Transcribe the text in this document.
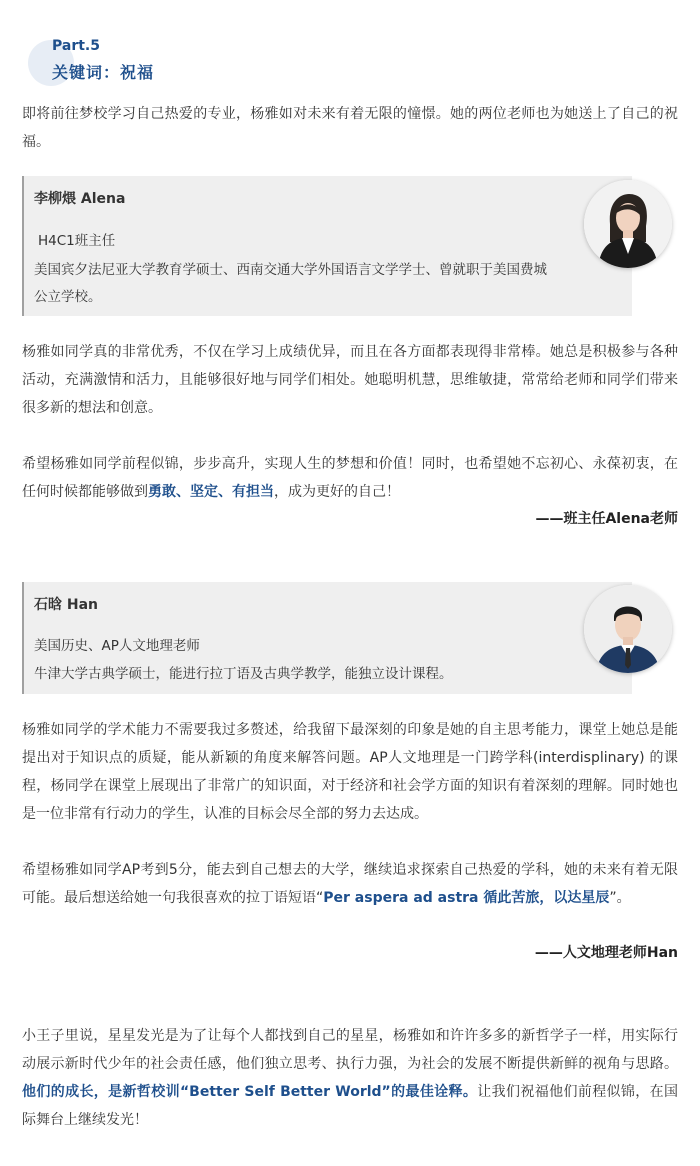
Part.5
关键词：祝福

即将前往梦校学习自己热爱的专业，杨雅如对未来有着无限的憧憬。她的两位老师也为她送上了自己的祝福。

李柳煨 Alena
H4C1班主任
美国宾夕法尼亚大学教育学硕士、西南交通大学外国语言文学学士、曾就职于美国费城
公立学校。

杨雅如同学真的非常优秀，不仅在学习上成绩优异，而且在各方面都表现得非常棒。她总是积极参与各种活动，充满激情和活力，且能够很好地与同学们相处。她聪明机慧，思维敏捷，常常给老师和同学们带来很多新的想法和创意。

希望杨雅如同学前程似锦，步步高升，实现人生的梦想和价值！同时，也希望她不忘初心、永葆初衷，在任何时候都能够做到勇敢、坚定、有担当，成为更好的自己！

——班主任Alena老师
石晗 Han
美国历史、AP人文地理老师
牛津大学古典学硕士，能进行拉丁语及古典学教学，能独立设计课程。

杨雅如同学的学术能力不需要我过多赘述，给我留下最深刻的印象是她的自主思考能力，课堂上她总是能提出对于知识点的质疑，能从新颖的角度来解答问题。AP人文地理是一门跨学科(interdisplinary) 的课程，杨同学在课堂上展现出了非常广的知识面，对于经济和社会学方面的知识有着深刻的理解。同时她也是一位非常有行动力的学生，认准的目标会尽全部的努力去达成。

希望杨雅如同学AP考到5分，能去到自己想去的大学，继续追求探索自己热爱的学科，她的未来有着无限可能。最后想送给她一句我很喜欢的拉丁语短语“Per aspera ad astra 循此苦旅，以达星辰”。

——人文地理老师Han

小王子里说，星星发光是为了让每个人都找到自己的星星，杨雅如和许许多多的新哲学子一样，用实际行动展示新时代少年的社会责任感，他们独立思考、执行力强，为社会的发展不断提供新鲜的视角与思路。他们的成长，是新哲校训“Better Self Better World”的最佳诠释。让我们祝福他们前程似锦，在国际舞台上继续发光！
